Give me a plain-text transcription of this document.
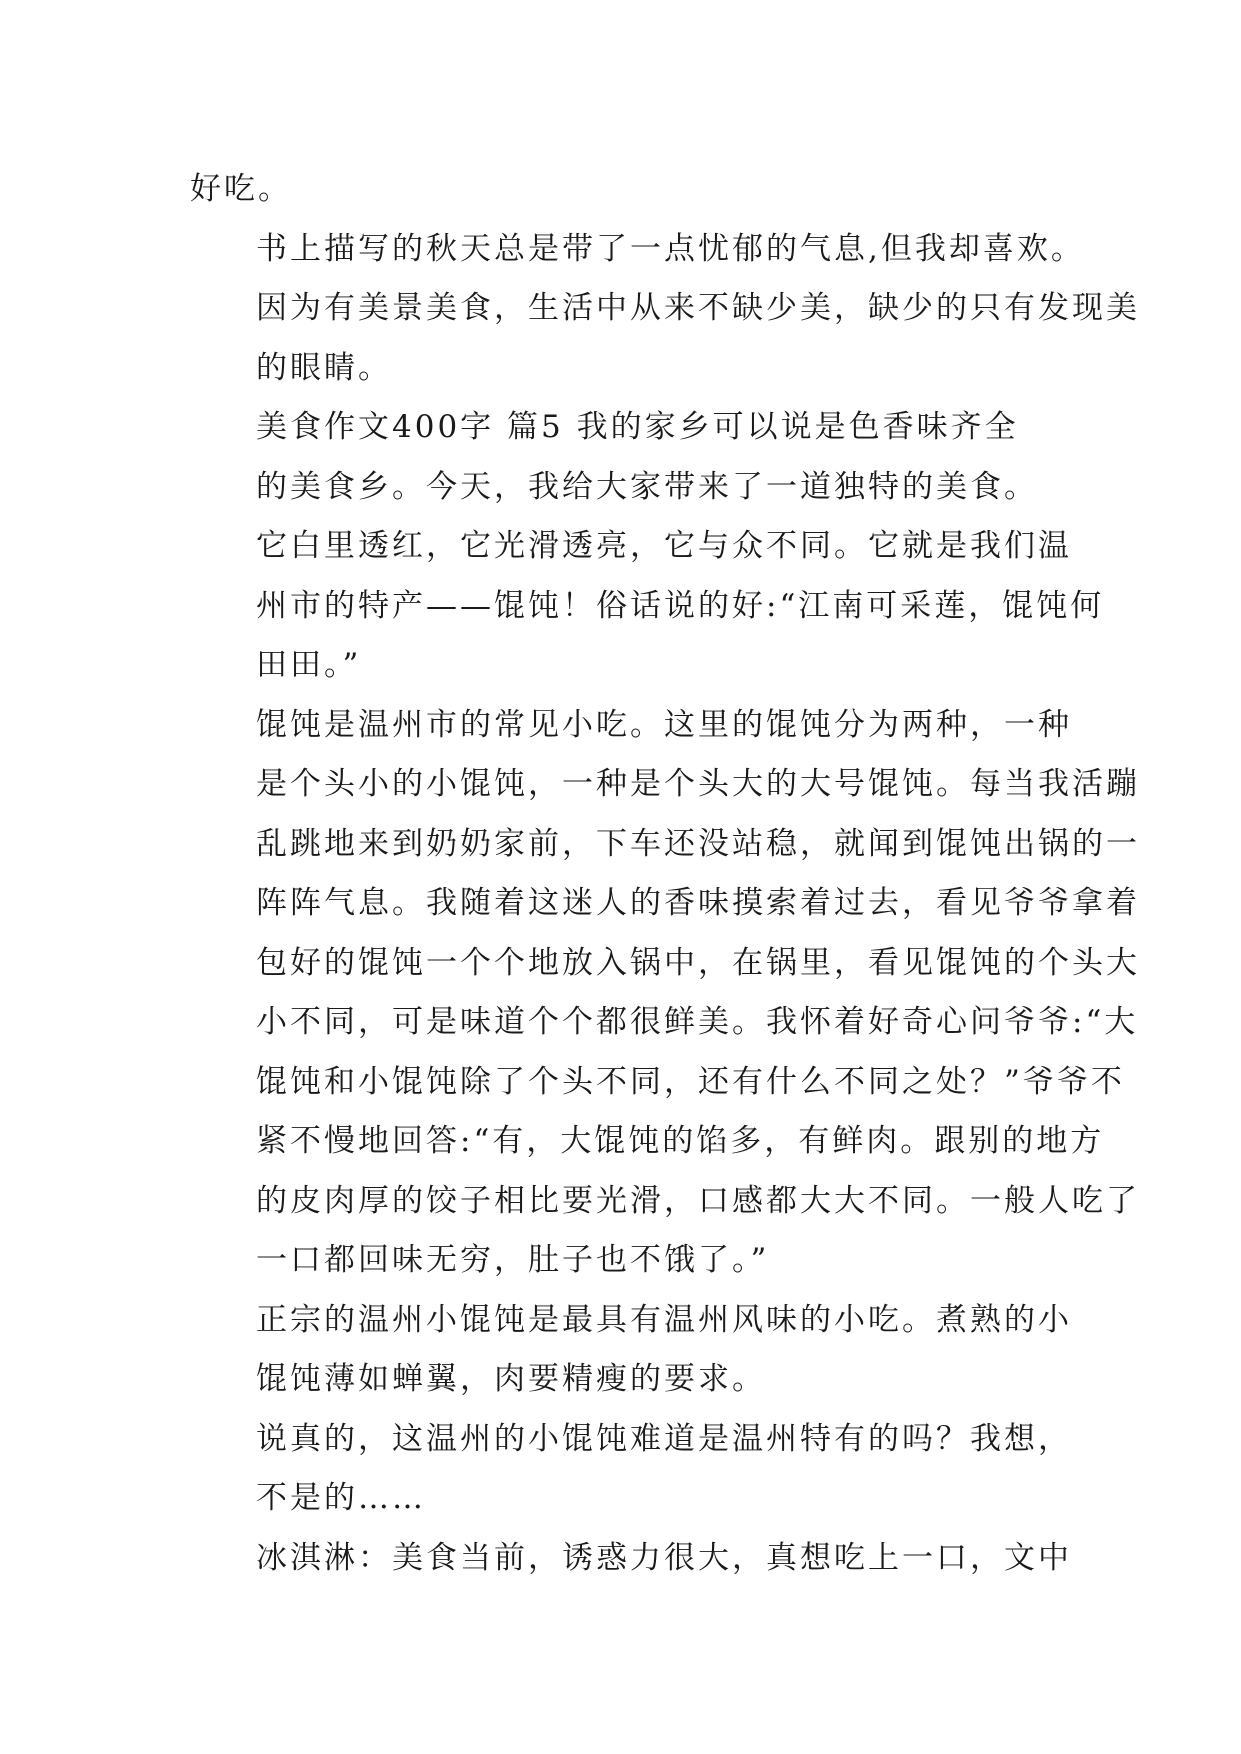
好吃。

书上描写的秋天总是带了一点忧郁的气息,但我却喜欢。
因为有美景美食，生活中从来不缺少美，缺少的只有发现美
的眼睛。

美食作文400字 篇5 我的家乡可以说是色香味齐全
的美食乡。今天，我给大家带来了一道独特的美食。

它白里透红，它光滑透亮，它与众不同。它就是我们温
州市的特产——馄饨！俗话说的好:“江南可采莲，馄饨何
田田。”

馄饨是温州市的常见小吃。这里的馄饨分为两种，一种
是个头小的小馄饨，一种是个头大的大号馄饨。每当我活蹦
乱跳地来到奶奶家前，下车还没站稳，就闻到馄饨出锅的一
阵阵气息。我随着这迷人的香味摸索着过去，看见爷爷拿着
包好的馄饨一个个地放入锅中，在锅里，看见馄饨的个头大
小不同，可是味道个个都很鲜美。我怀着好奇心问爷爷:“大
馄饨和小馄饨除了个头不同，还有什么不同之处？”爷爷不
紧不慢地回答:“有，大馄饨的馅多，有鲜肉。跟别的地方
的皮肉厚的饺子相比要光滑，口感都大大不同。一般人吃了
一口都回味无穷，肚子也不饿了。”

正宗的温州小馄饨是最具有温州风味的小吃。煮熟的小
馄饨薄如蝉翼，肉要精瘦的要求。

说真的，这温州的小馄饨难道是温州特有的吗？我想，
不是的……

冰淇淋：美食当前，诱惑力很大，真想吃上一口，文中
